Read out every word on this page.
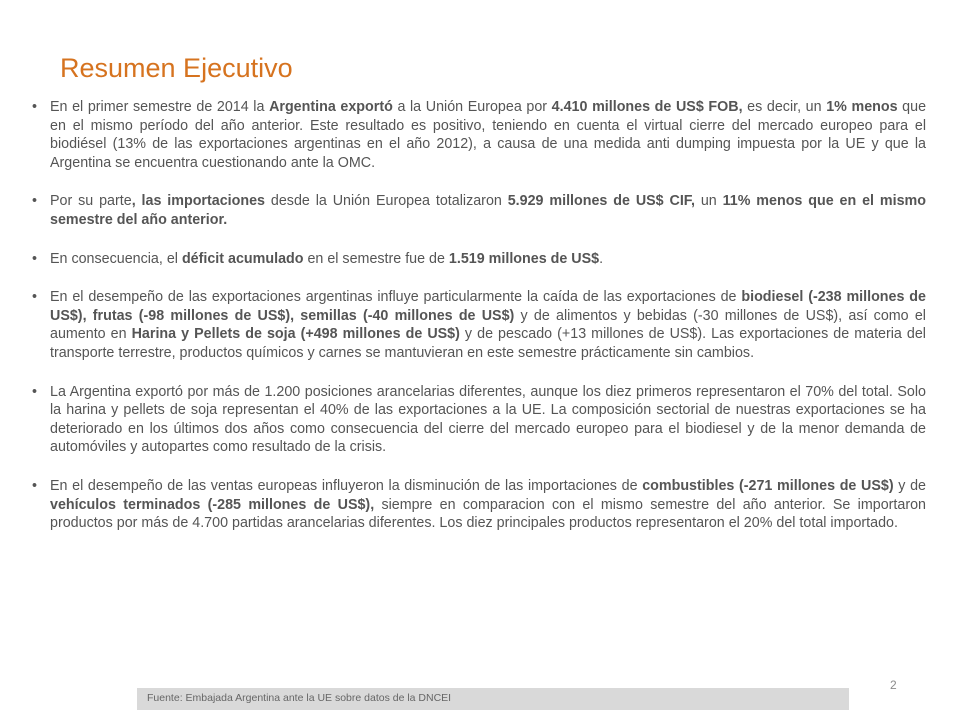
Resumen Ejecutivo
• En el primer semestre de 2014 la Argentina exportó a la Unión Europea por 4.410 millones de US$ FOB, es decir, un 1% menos que en el mismo período del año anterior. Este resultado es positivo, teniendo en cuenta el virtual cierre del mercado europeo para el biodiésel (13% de las exportaciones argentinas en el año 2012), a causa de una medida anti dumping impuesta por la UE y que la Argentina se encuentra cuestionando ante la OMC.
• Por su parte, las importaciones desde la Unión Europea totalizaron 5.929 millones de US$ CIF, un 11% menos que en el mismo semestre del año anterior.
• En consecuencia, el déficit acumulado en el semestre fue de 1.519 millones de US$.
• En el desempeño de las exportaciones argentinas influye particularmente la caída de las exportaciones de biodiesel (-238 millones de US$), frutas (-98 millones de US$), semillas (-40 millones de US$) y de alimentos y bebidas (-30 millones de US$), así como el aumento en Harina y Pellets de soja (+498 millones de US$) y de pescado (+13 millones de US$). Las exportaciones de materia del transporte terrestre, productos químicos y carnes se mantuvieran en este semestre prácticamente sin cambios.
• La Argentina exportó por más de 1.200 posiciones arancelarias diferentes, aunque los diez primeros representaron el 70% del total. Solo la harina y pellets de soja representan el 40% de las exportaciones a la UE. La composición sectorial de nuestras exportaciones se ha deteriorado en los últimos dos años como consecuencia del cierre del mercado europeo para el biodiesel y de la menor demanda de automóviles y autopartes como resultado de la crisis.
• En el desempeño de las ventas europeas influyeron la disminución de las importaciones de combustibles (-271 millones de US$) y de vehículos terminados (-285 millones de US$), siempre en comparacion con el mismo semestre del año anterior. Se importaron productos por más de 4.700 partidas arancelarias diferentes. Los diez principales productos representaron el 20% del total importado.
2
Fuente: Embajada Argentina ante la UE sobre datos de la DNCEI
